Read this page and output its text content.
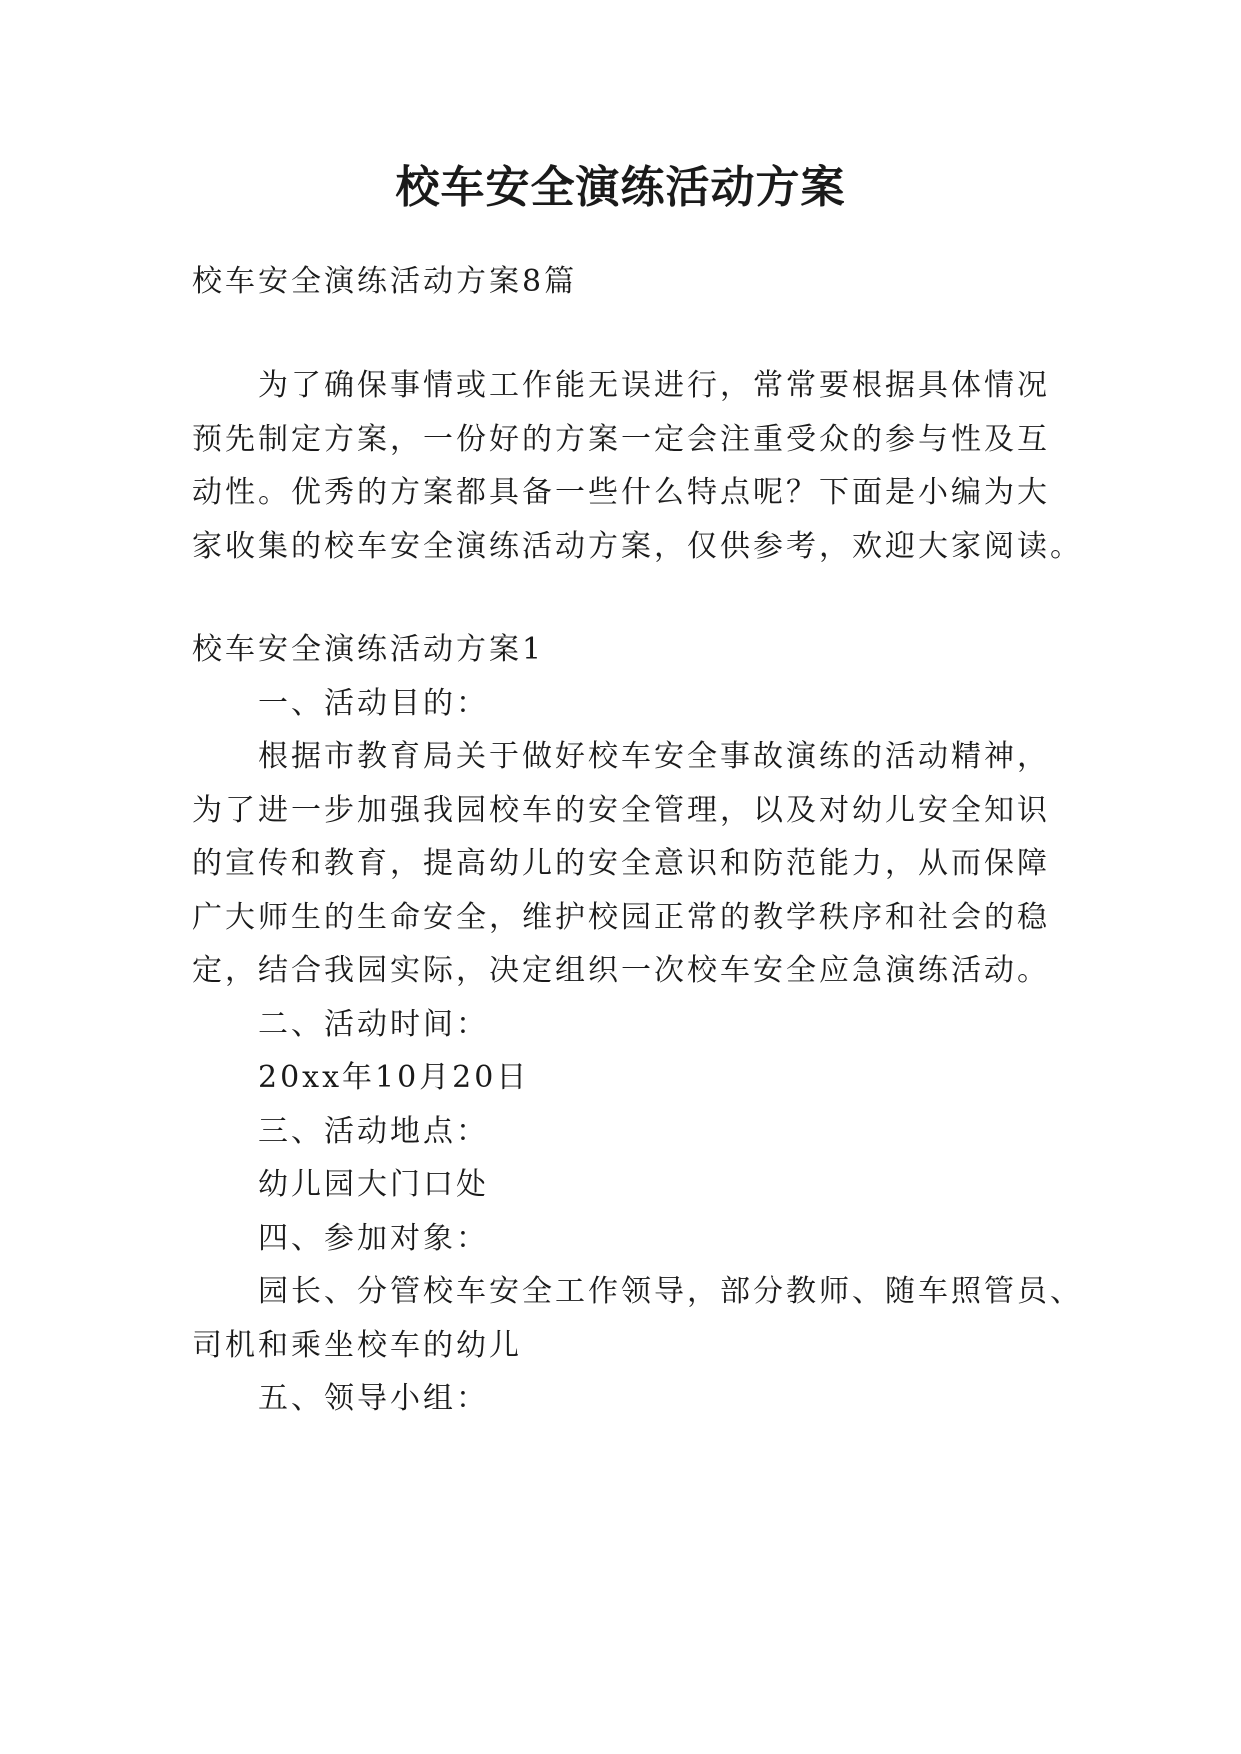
校车安全演练活动方案
校车安全演练活动方案8篇
为了确保事情或工作能无误进行，常常要根据具体情况
预先制定方案，一份好的方案一定会注重受众的参与性及互
动性。优秀的方案都具备一些什么特点呢？下面是小编为大
家收集的校车安全演练活动方案，仅供参考，欢迎大家阅读。
校车安全演练活动方案1
一、活动目的：
根据市教育局关于做好校车安全事故演练的活动精神，
为了进一步加强我园校车的安全管理，以及对幼儿安全知识
的宣传和教育，提高幼儿的安全意识和防范能力，从而保障
广大师生的生命安全，维护校园正常的教学秩序和社会的稳
定，结合我园实际，决定组织一次校车安全应急演练活动。
二、活动时间：
20xx年10月20日
三、活动地点：
幼儿园大门口处
四、参加对象：
园长、分管校车安全工作领导，部分教师、随车照管员、
司机和乘坐校车的幼儿
五、领导小组：
